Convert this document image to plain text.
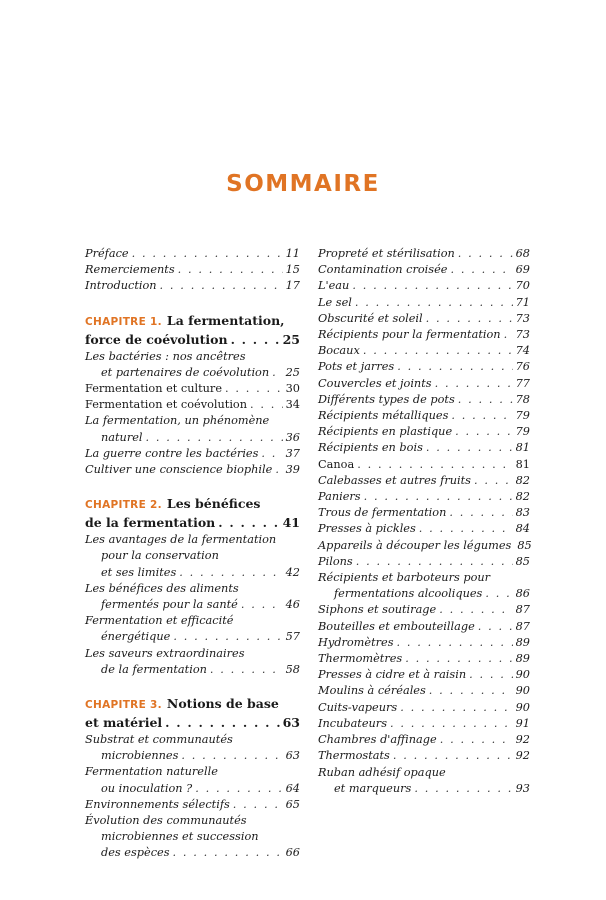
SOMMAIRE
Préface . . .	11
Remerciements . . .	15
Introduction . . .	17
CHAPITRE 1. La fermentation,
force de coévolution . . .	25
Les bactéries : nos ancêtres
et partenaires de coévolution . . . 25
Fermentation et culture . . .	30
Fermentation et coévolution . . .	34
La fermentation, un phénomène
naturel . . .	36
La guerre contre les bactéries . . . 37
Cultiver une conscience biophile . . . 39
CHAPITRE 2. Les bénéfices
de la fermentation . . .	41
Les avantages de la fermentation
pour la conservation
et ses limites . . .	42
Les bénéfices des aliments
fermentés pour la santé . . .	46
Fermentation et efficacité
énergétique . . .	57
Les saveurs extraordinaires
de la fermentation . . .	58
CHAPITRE 3. Notions de base
et matériel . . .	63
Substrat et communautés
microbiennes . . .	63
Fermentation naturelle
ou inoculation ? . . .	64
Environnements sélectifs . . .	65
Évolution des communautés
microbiennes et succession
des espèces . . .	66
Propreté et stérilisation . . .	68
Contamination croisée . . .	69
L'eau . . .	70
Le sel . . .	71
Obscurité et soleil . . .	73
Récipients pour la fermentation . . . 73
Bocaux . . .	74
Pots et jarres . . .	76
Couvercles et joints . . .	77
Différents types de pots . . .	78
Récipients métalliques . . .	79
Récipients en plastique . . .	79
Récipients en bois . . .	81
Canoa . . .	81
Calebasses et autres fruits . . .	82
Paniers . . .	82
Trous de fermentation . . .	83
Presses à pickles . . .	84
Appareils à découper les légumes 85
Pilons . . .	85
Récipients et barboteurs pour
fermentations alcooliques . . .	86
Siphons et soutirage . . .	87
Bouteilles et embouteillage . . .	87
Hydromètres . . .	89
Thermomètres . . .	89
Presses à cidre et à raisin . . .	90
Moulins à céréales . . .	90
Cuits-vapeurs . . .	90
Incubateurs . . .	91
Chambres d'affinage . . .	92
Thermostats . . .	92
Ruban adhésif opaque
et marqueurs . . .	93
